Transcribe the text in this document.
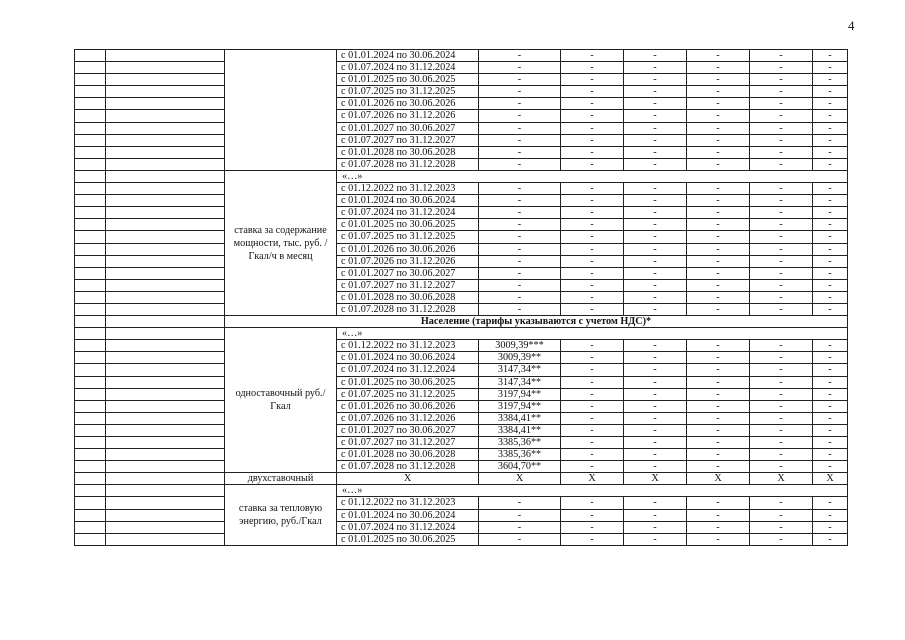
4
			с 01.01.2024 по 30.06.2024	-	-	-	-	-	-
			с 01.07.2024 по 31.12.2024	-	-	-	-	-	-
			с 01.01.2025 по 30.06.2025	-	-	-	-	-	-
			с 01.07.2025 по 31.12.2025	-	-	-	-	-	-
			с 01.01.2026 по 30.06.2026	-	-	-	-	-	-
			с 01.07.2026 по 31.12.2026	-	-	-	-	-	-
			с 01.01.2027 по 30.06.2027	-	-	-	-	-	-
			с 01.07.2027 по 31.12.2027	-	-	-	-	-	-
			с 01.01.2028 по 30.06.2028	-	-	-	-	-	-
			с 01.07.2028 по 31.12.2028	-	-	-	-	-	-
		ставка за содержание мощности, тыс. руб. /Гкал/ч в месяц	«…»						
			с 01.12.2022 по 31.12.2023	-	-	-	-	-	-
			с 01.01.2024 по 30.06.2024	-	-	-	-	-	-
			с 01.07.2024 по 31.12.2024	-	-	-	-	-	-
			с 01.01.2025 по 30.06.2025	-	-	-	-	-	-
			с 01.07.2025 по 31.12.2025	-	-	-	-	-	-
			с 01.01.2026 по 30.06.2026	-	-	-	-	-	-
			с 01.07.2026 по 31.12.2026	-	-	-	-	-	-
			с 01.01.2027 по 30.06.2027	-	-	-	-	-	-
			с 01.07.2027 по 31.12.2027	-	-	-	-	-	-
			с 01.01.2028 по 30.06.2028	-	-	-	-	-	-
			с 01.07.2028 по 31.12.2028	-	-	-	-	-	-
		Население (тарифы указываются с учетом НДС)*							
		одноставочный руб./Гкал	«…»						
			с 01.12.2022 по 31.12.2023	3009,39***	-	-	-	-	-
			с 01.01.2024 по 30.06.2024	3009,39**	-	-	-	-	-
			с 01.07.2024 по 31.12.2024	3147,34**	-	-	-	-	-
			с 01.01.2025 по 30.06.2025	3147,34**	-	-	-	-	-
			с 01.07.2025 по 31.12.2025	3197,94**	-	-	-	-	-
			с 01.01.2026 по 30.06.2026	3197,94**	-	-	-	-	-
			с 01.07.2026 по 31.12.2026	3384,41**	-	-	-	-	-
			с 01.01.2027 по 30.06.2027	3384,41**	-	-	-	-	-
			с 01.07.2027 по 31.12.2027	3385,36**	-	-	-	-	-
			с 01.01.2028 по 30.06.2028	3385,36**	-	-	-	-	-
			с 01.07.2028 по 31.12.2028	3604,70**	-	-	-	-	-
		двухставочный	Х	Х	Х	Х	Х	Х	Х
		ставка за тепловую энергию, руб./Гкал	«…»						
			с 01.12.2022 по 31.12.2023	-	-	-	-	-	-
			с 01.01.2024 по 30.06.2024	-	-	-	-	-	-
			с 01.07.2024 по 31.12.2024	-	-	-	-	-	-
			с 01.01.2025 по 30.06.2025	-	-	-	-	-	-
